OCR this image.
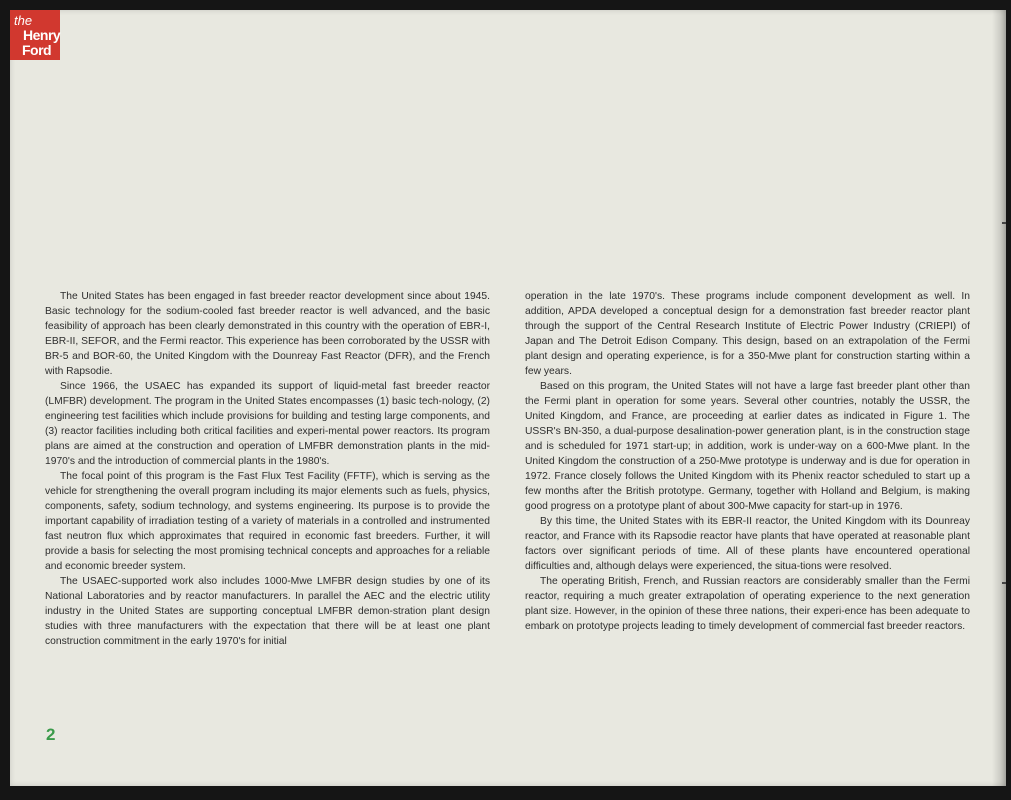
the
Henry
Ford

The United States has been engaged in fast breeder reactor development since about 1945. Basic technology for the sodium-cooled fast breeder reactor is well advanced, and the basic feasibility of approach has been clearly demonstrated in this country with the operation of EBR-I, EBR-II, SEFOR, and the Fermi reactor. This experience has been corroborated by the USSR with BR-5 and BOR-60, the United Kingdom with the Dounreay Fast Reactor (DFR), and the French with Rapsodie.

Since 1966, the USAEC has expanded its support of liquid-metal fast breeder reactor (LMFBR) development. The program in the United States encompasses (1) basic tech-nology, (2) engineering test facilities which include provisions for building and testing large components, and (3) reactor facilities including both critical facilities and experi-mental power reactors. Its program plans are aimed at the construction and operation of LMFBR demonstration plants in the mid-1970's and the introduction of commercial plants in the 1980's.

The focal point of this program is the Fast Flux Test Facility (FFTF), which is serving as the vehicle for strengthening the overall program including its major elements such as fuels, physics, components, safety, sodium technology, and systems engineering. Its purpose is to provide the important capability of irradiation testing of a variety of materials in a controlled and instrumented fast neutron flux which approximates that required in economic fast breeders. Further, it will provide a basis for selecting the most promising technical concepts and approaches for a reliable and economic breeder system.

The USAEC-supported work also includes 1000-Mwe LMFBR design studies by one of its National Laboratories and by reactor manufacturers. In parallel the AEC and the electric utility industry in the United States are supporting conceptual LMFBR demon-stration plant design studies with three manufacturers with the expectation that there will be at least one plant construction commitment in the early 1970's for initial

operation in the late 1970's. These programs include component development as well. In addition, APDA developed a conceptual design for a demonstration fast breeder reactor plant through the support of the Central Research Institute of Electric Power Industry (CRIEPI) of Japan and The Detroit Edison Company. This design, based on an extrapolation of the Fermi plant design and operating experience, is for a 350-Mwe plant for construction starting within a few years.

Based on this program, the United States will not have a large fast breeder plant other than the Fermi plant in operation for some years. Several other countries, notably the USSR, the United Kingdom, and France, are proceeding at earlier dates as indicated in Figure 1. The USSR's BN-350, a dual-purpose desalination-power generation plant, is in the construction stage and is scheduled for 1971 start-up; in addition, work is under-way on a 600-Mwe plant. In the United Kingdom the construction of a 250-Mwe prototype is underway and is due for operation in 1972. France closely follows the United Kingdom with its Phenix reactor scheduled to start up a few months after the British prototype. Germany, together with Holland and Belgium, is making good progress on a prototype plant of about 300-Mwe capacity for start-up in 1976.

By this time, the United States with its EBR-II reactor, the United Kingdom with its Dounreay reactor, and France with its Rapsodie reactor have plants that have operated at reasonable plant factors over significant periods of time. All of these plants have encountered operational difficulties and, although delays were experienced, the situa-tions were resolved.

The operating British, French, and Russian reactors are considerably smaller than the Fermi reactor, requiring a much greater extrapolation of operating experience to the next generation plant size. However, in the opinion of these three nations, their experi-ence has been adequate to embark on prototype projects leading to timely development of commercial fast breeder reactors.

2
